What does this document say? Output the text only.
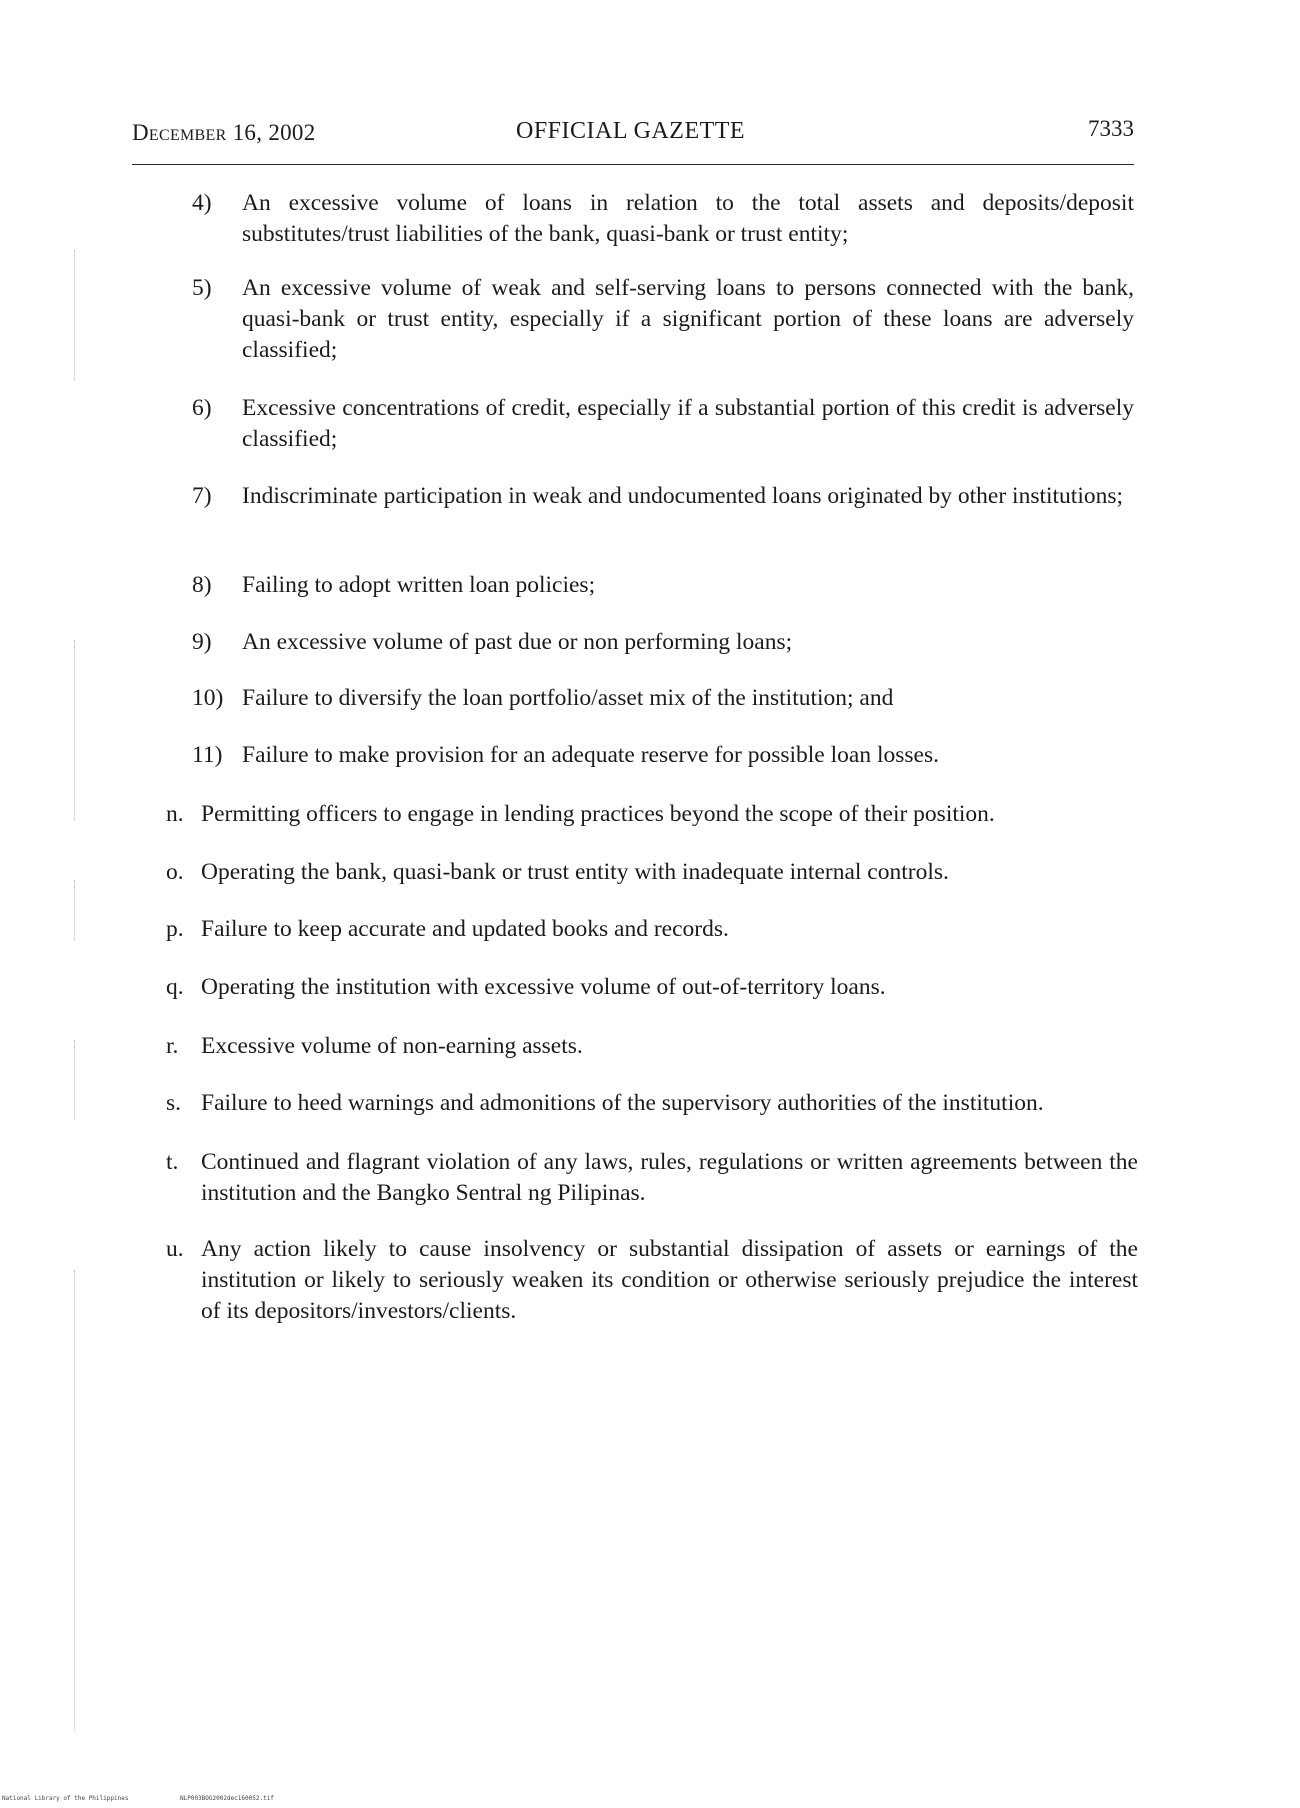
December 16, 2002	OFFICIAL GAZETTE	7333
4) An excessive volume of loans in relation to the total assets and deposits/deposit substitutes/trust liabilities of the bank, quasi-bank or trust entity;
5) An excessive volume of weak and self-serving loans to persons connected with the bank, quasi-bank or trust entity, especially if a significant portion of these loans are adversely classified;
6) Excessive concentrations of credit, especially if a substantial portion of this credit is adversely classified;
7) Indiscriminate participation in weak and undocumented loans originated by other institutions;
8) Failing to adopt written loan policies;
9) An excessive volume of past due or non performing loans;
10) Failure to diversify the loan portfolio/asset mix of the institution; and
11) Failure to make provision for an adequate reserve for possible loan losses.
n. Permitting officers to engage in lending practices beyond the scope of their position.
o. Operating the bank, quasi-bank or trust entity with inadequate internal controls.
p. Failure to keep accurate and updated books and records.
q. Operating the institution with excessive volume of out-of-territory loans.
r. Excessive volume of non-earning assets.
s. Failure to heed warnings and admonitions of the supervisory authorities of the institution.
t. Continued and flagrant violation of any laws, rules, regulations or written agreements between the institution and the Bangko Sentral ng Pilipinas.
u. Any action likely to cause insolvency or substantial dissipation of assets or earnings of the institution or likely to seriously weaken its condition or otherwise seriously prejudice the interest of its depositors/investors/clients.
National Library of the Philippines	NLP003BOG2002dec160052.tif
